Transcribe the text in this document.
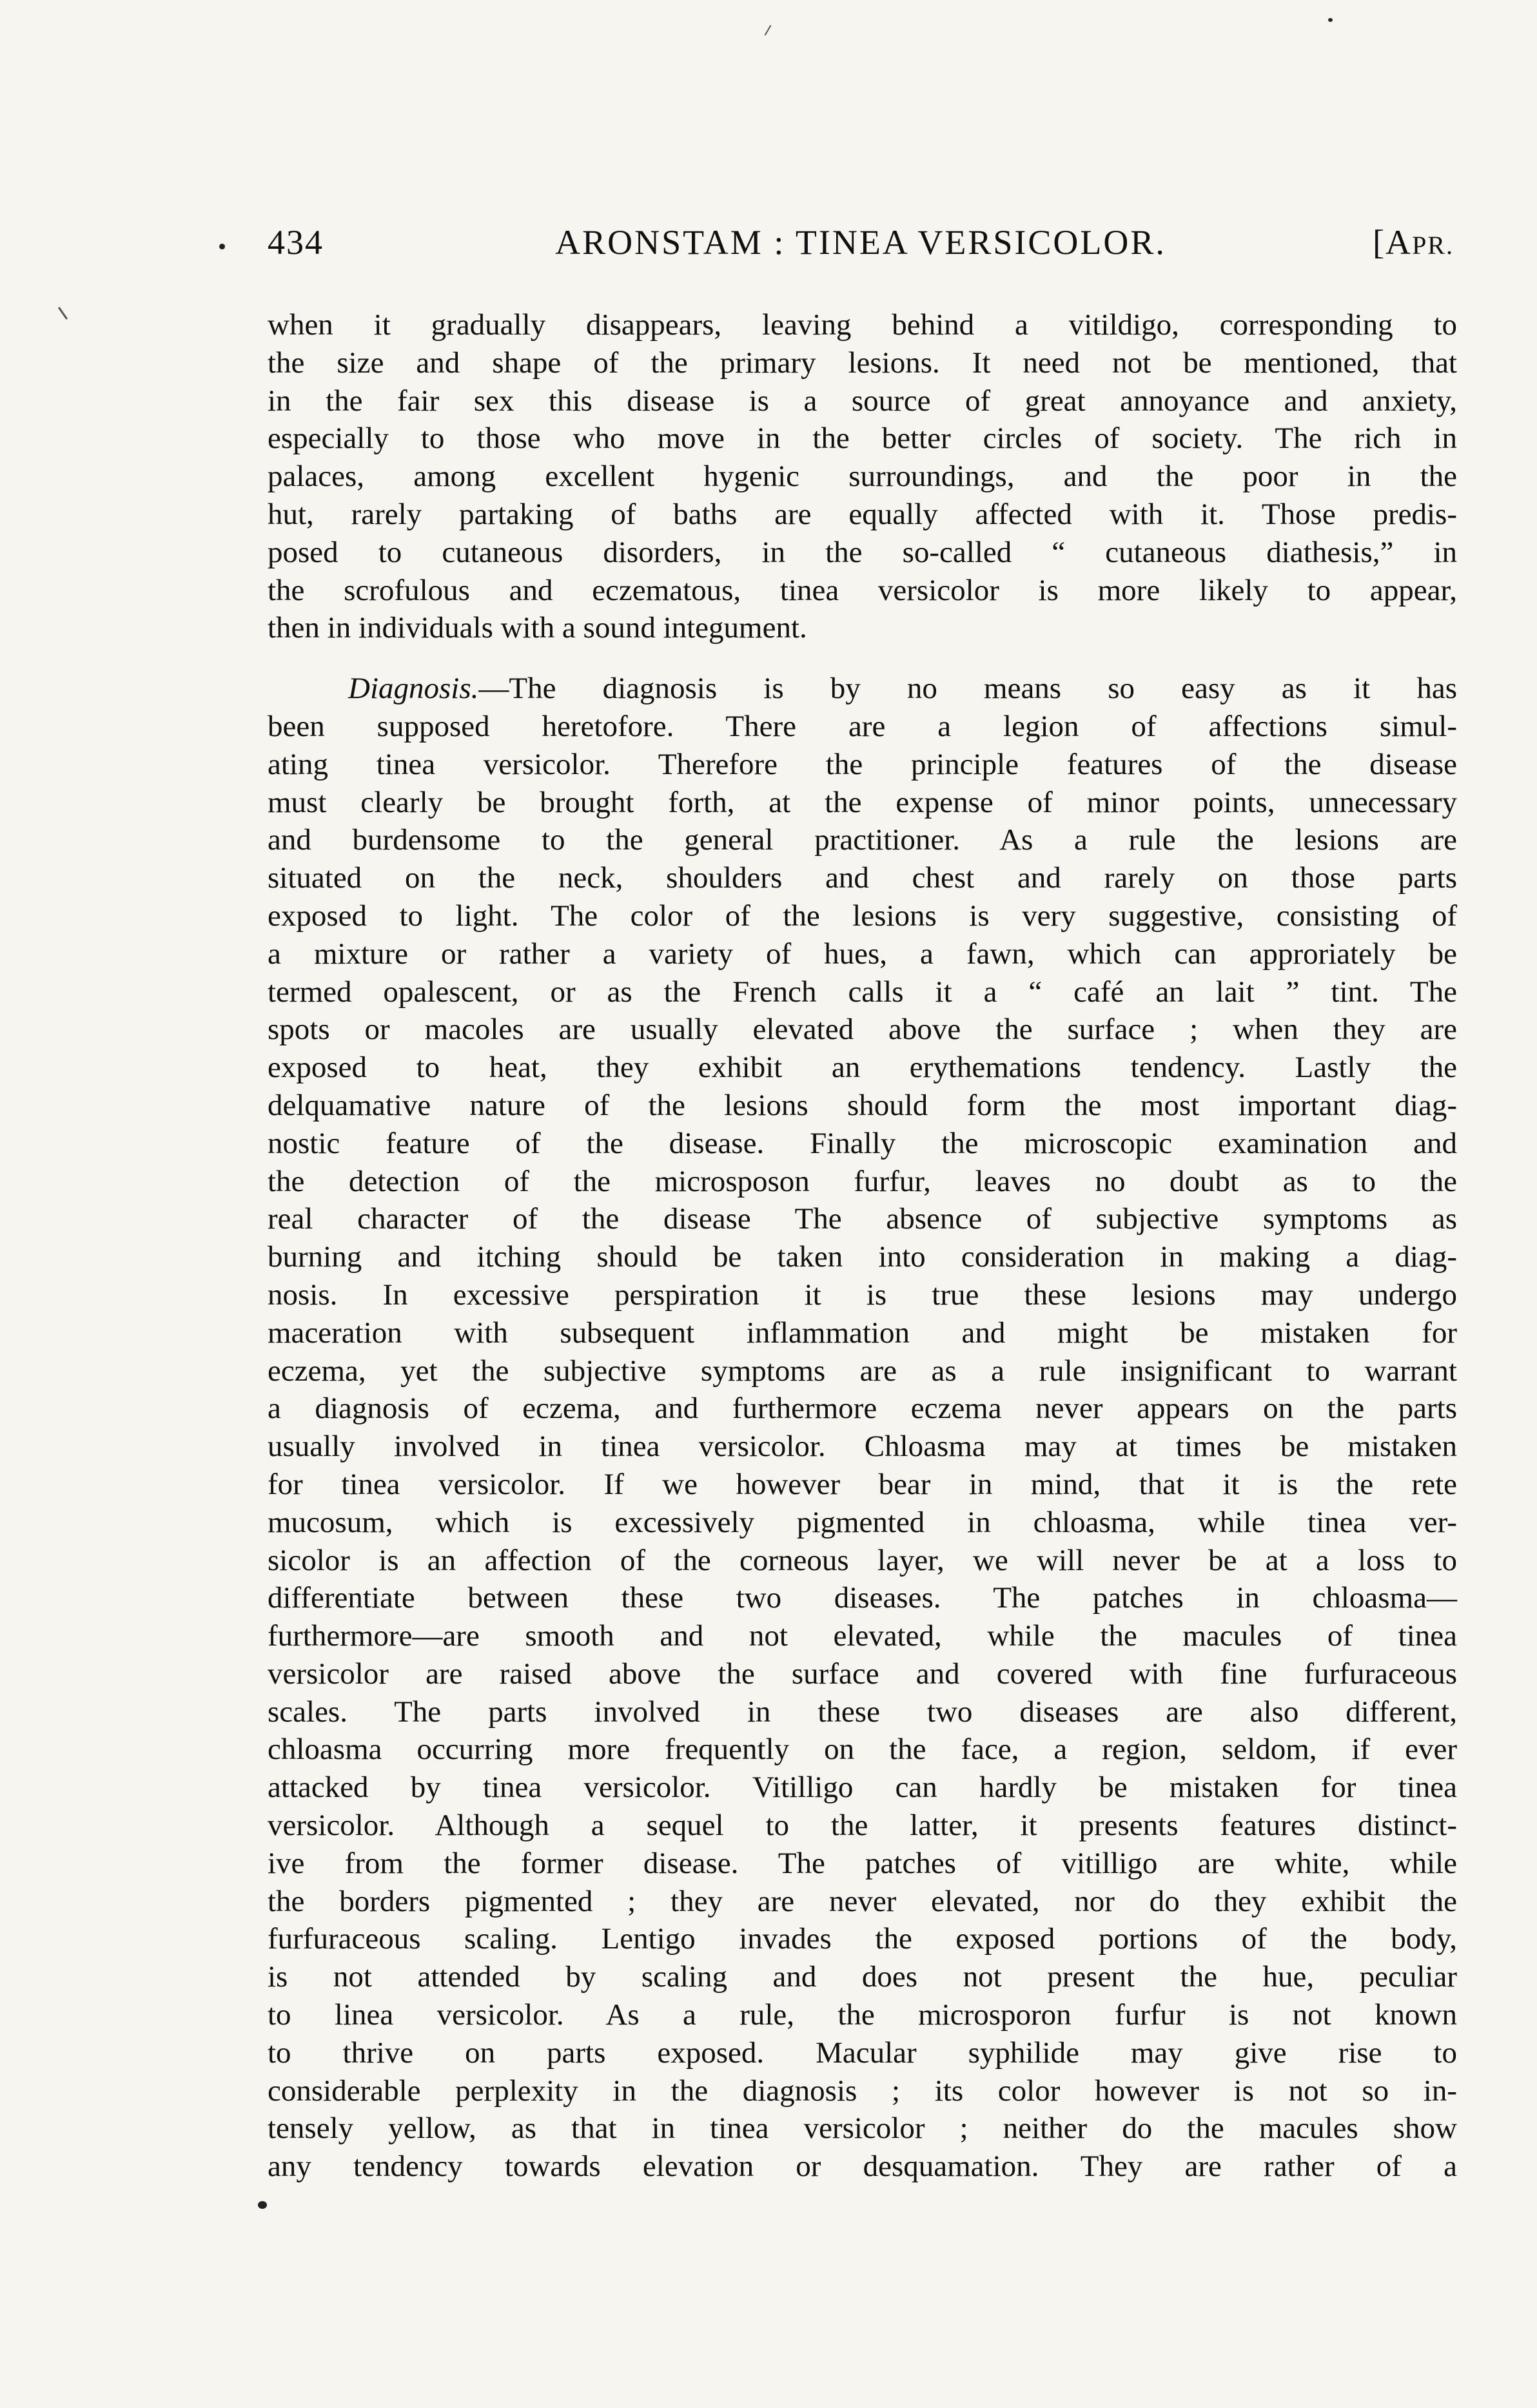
434	ARONSTAM : TINEA VERSICOLOR.	[APR.
when it gradually disappears, leaving behind a vitildigo, corresponding to
the size and shape of the primary lesions. It need not be mentioned, that
in the fair sex this disease is a source of great annoyance and anxiety,
especially to those who move in the better circles of society. The rich in
palaces, among excellent hygenic surroundings, and the poor in the
hut, rarely partaking of baths are equally affected with it. Those predis-
posed to cutaneous disorders, in the so-called “ cutaneous diathesis,” in
the scrofulous and eczematous, tinea versicolor is more likely to appear,
then in individuals with a sound integument.
Diagnosis.—The diagnosis is by no means so easy as it has
been supposed heretofore. There are a legion of affections simul-
ating tinea versicolor. Therefore the principle features of the disease
must clearly be brought forth, at the expense of minor points, unnecessary
and burdensome to the general practitioner. As a rule the lesions are
situated on the neck, shoulders and chest and rarely on those parts
exposed to light. The color of the lesions is very suggestive, consisting of
a mixture or rather a variety of hues, a fawn, which can approriately be
termed opalescent, or as the French calls it a “ café an lait ” tint. The
spots or macoles are usually elevated above the surface ; when they are
exposed to heat, they exhibit an erythemations tendency. Lastly the
delquamative nature of the lesions should form the most important diag-
nostic feature of the disease. Finally the microscopic examination and
the detection of the microsposon furfur, leaves no doubt as to the
real character of the disease The absence of subjective symptoms as
burning and itching should be taken into consideration in making a diag-
nosis. In excessive perspiration it is true these lesions may undergo
maceration with subsequent inflammation and might be mistaken for
eczema, yet the subjective symptoms are as a rule insignificant to warrant
a diagnosis of eczema, and furthermore eczema never appears on the parts
usually involved in tinea versicolor. Chloasma may at times be mistaken
for tinea versicolor. If we however bear in mind, that it is the rete
mucosum, which is excessively pigmented in chloasma, while tinea ver-
sicolor is an affection of the corneous layer, we will never be at a loss to
differentiate between these two diseases. The patches in chloasma—
furthermore—are smooth and not elevated, while the macules of tinea
versicolor are raised above the surface and covered with fine furfuraceous
scales. The parts involved in these two diseases are also different,
chloasma occurring more frequently on the face, a region, seldom, if ever
attacked by tinea versicolor. Vitilligo can hardly be mistaken for tinea
versicolor. Although a sequel to the latter, it presents features distinct-
ive from the former disease. The patches of vitilligo are white, while
the borders pigmented ; they are never elevated, nor do they exhibit the
furfuraceous scaling. Lentigo invades the exposed portions of the body,
is not attended by scaling and does not present the hue, peculiar
to linea versicolor. As a rule, the microsporon furfur is not known
to thrive on parts exposed. Macular syphilide may give rise to
considerable perplexity in the diagnosis ; its color however is not so in-
tensely yellow, as that in tinea versicolor ; neither do the macules show
any tendency towards elevation or desquamation. They are rather of a
